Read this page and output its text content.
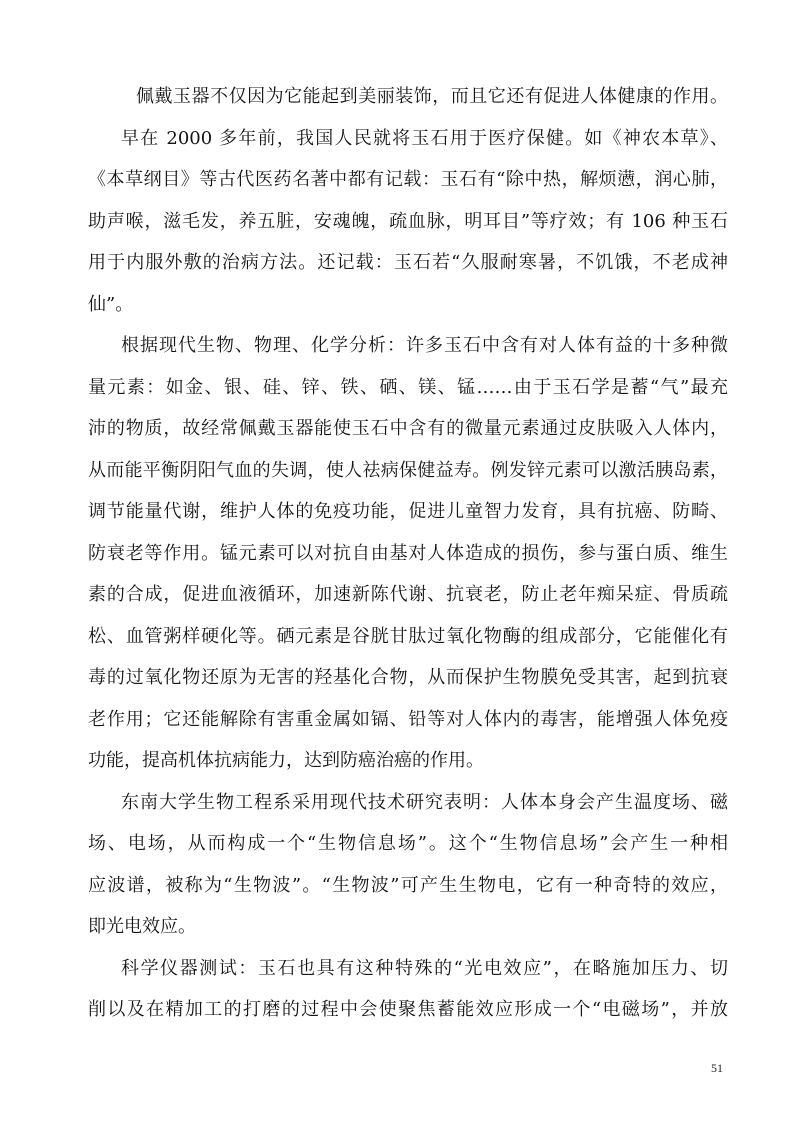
佩戴玉器不仅因为它能起到美丽装饰，而且它还有促进人体健康的作用。
早在 2000 多年前，我国人民就将玉石用于医疗保健。如《神农本草》、
《本草纲目》等古代医药名著中都有记载：玉石有“除中热，解烦懑，润心肺，
助声喉，滋毛发，养五脏，安魂魄，疏血脉，明耳目”等疗效；有 106 种玉石
用于内服外敷的治病方法。还记载：玉石若“久服耐寒暑，不饥饿，不老成神
仙”。
根据现代生物、物理、化学分析：许多玉石中含有对人体有益的十多种微
量元素：如金、银、硅、锌、铁、硒、镁、锰……由于玉石学是蓄“气”最充
沛的物质，故经常佩戴玉器能使玉石中含有的微量元素通过皮肤吸入人体内，
从而能平衡阴阳气血的失调，使人祛病保健益寿。例发锌元素可以激活胰岛素，
调节能量代谢，维护人体的免疫功能，促进儿童智力发育，具有抗癌、防畸、
防衰老等作用。锰元素可以对抗自由基对人体造成的损伤，参与蛋白质、维生
素的合成，促进血液循环，加速新陈代谢、抗衰老，防止老年痴呆症、骨质疏
松、血管粥样硬化等。硒元素是谷胱甘肽过氧化物酶的组成部分，它能催化有
毒的过氧化物还原为无害的羟基化合物，从而保护生物膜免受其害，起到抗衰
老作用；它还能解除有害重金属如镉、铅等对人体内的毒害，能增强人体免疫
功能，提高机体抗病能力，达到防癌治癌的作用。
东南大学生物工程系采用现代技术研究表明：人体本身会产生温度场、磁
场、电场，从而构成一个“生物信息场”。这个“生物信息场”会产生一种相
应波谱，被称为“生物波”。“生物波”可产生生物电，它有一种奇特的效应，
即光电效应。
科学仪器测试：玉石也具有这种特殊的“光电效应”，在略施加压力、切
削以及在精加工的打磨的过程中会使聚焦蓄能效应形成一个“电磁场”，并放
51
